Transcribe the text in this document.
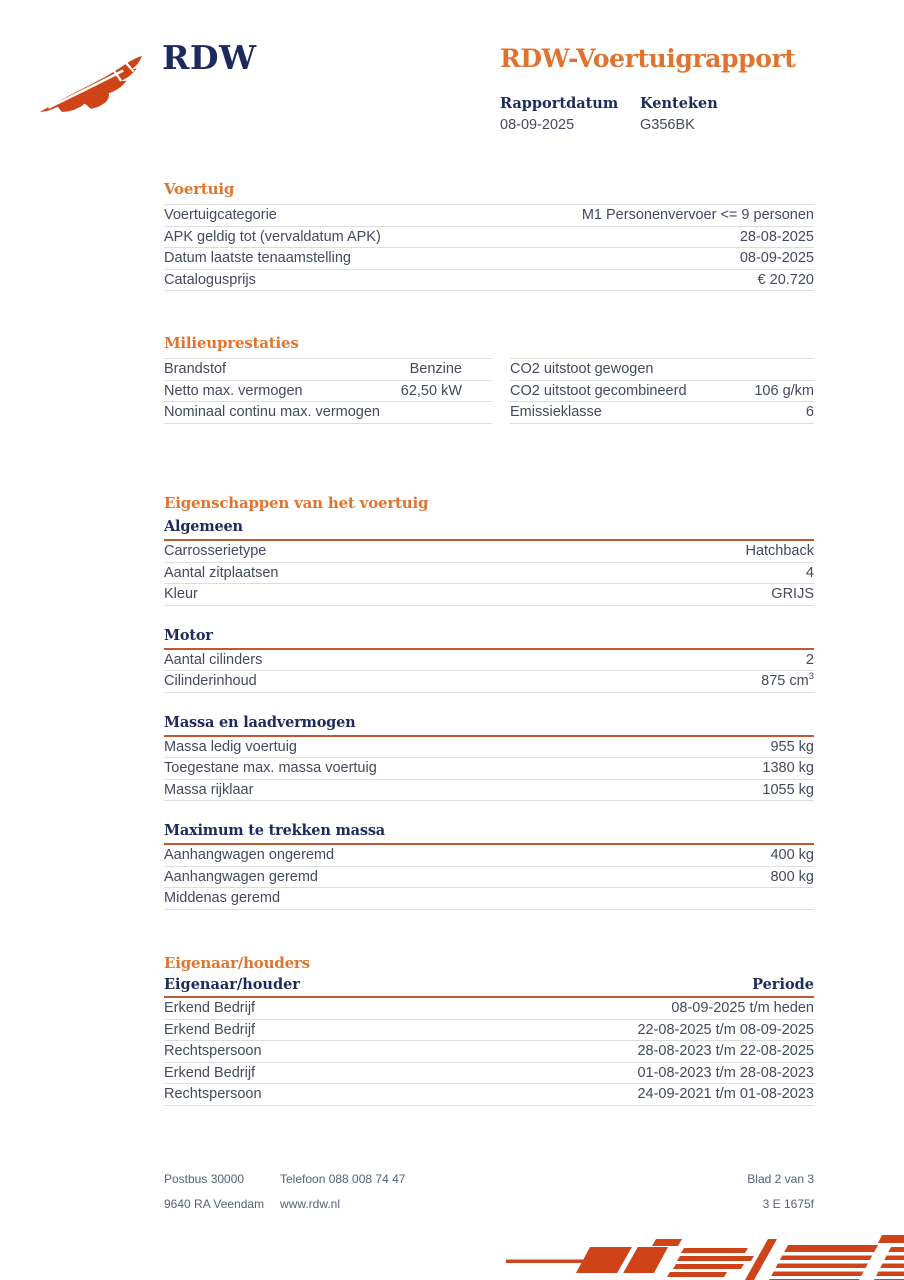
RDW	RDW-Voertuigrapport
Rapportdatum
08-09-2025
Kenteken
G356BK
Voertuig
Voertuigcategorie	M1 Personenvervoer <= 9 personen
APK geldig tot (vervaldatum APK)	28-08-2025
Datum laatste tenaamstelling	08-09-2025
Catalogusprijs	€ 20.720
Milieuprestaties
Brandstof	Benzine
Netto max. vermogen	62,50 kW
Nominaal continu max. vermogen
CO2 uitstoot gewogen
CO2 uitstoot gecombineerd	106 g/km
Emissieklasse	6
Eigenschappen van het voertuig
Algemeen
Carrosserietype	Hatchback
Aantal zitplaatsen	4
Kleur	GRIJS
Motor
Aantal cilinders	2
Cilinderinhoud	875 $cm^3$
Massa en laadvermogen
Massa ledig voertuig	955 kg
Toegestane max. massa voertuig	1380 kg
Massa rijklaar	1055 kg
Maximum te trekken massa
Aanhangwagen ongeremd	400 kg
Aanhangwagen geremd	800 kg
Middenas geremd
Eigenaar/houders
Eigenaar/houder	Periode
Erkend Bedrijf	08-09-2025 t/m heden
Erkend Bedrijf	22-08-2025 t/m 08-09-2025
Rechtspersoon	28-08-2023 t/m 22-08-2025
Erkend Bedrijf	01-08-2023 t/m 28-08-2023
Rechtspersoon	24-09-2021 t/m 01-08-2023
Postbus 30000	Telefoon 088 008 74 47	Blad 2 van 3
9640 RA Veendam	www.rdw.nl	3 E 1675f
